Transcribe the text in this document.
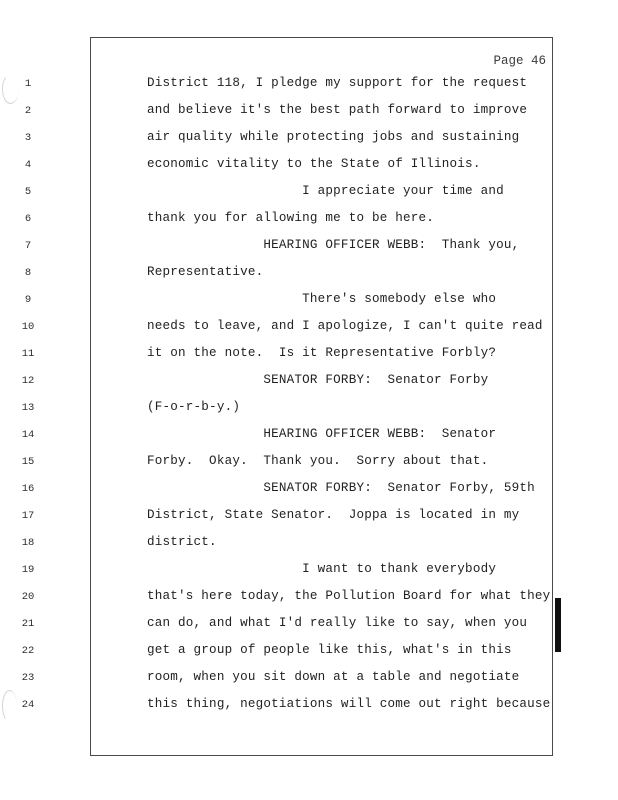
Page 46
1	District 118, I pledge my support for the request
2	and believe it's the best path forward to improve
3	air quality while protecting jobs and sustaining
4	economic vitality to the State of Illinois.
5	I appreciate your time and
6	thank you for allowing me to be here.
7	HEARING OFFICER WEBB:  Thank you,
8	Representative.
9	There's somebody else who
10	needs to leave, and I apologize, I can't quite read
11	it on the note.  Is it Representative Forbly?
12	SENATOR FORBY:  Senator Forby
13	(F-o-r-b-y.)
14	HEARING OFFICER WEBB:  Senator
15	Forby.  Okay.  Thank you.  Sorry about that.
16	SENATOR FORBY:  Senator Forby, 59th
17	District, State Senator.  Joppa is located in my
18	district.
19	I want to thank everybody
20	that's here today, the Pollution Board for what they
21	can do, and what I'd really like to say, when you
22	get a group of people like this, what's in this
23	room, when you sit down at a table and negotiate
24	this thing, negotiations will come out right because
